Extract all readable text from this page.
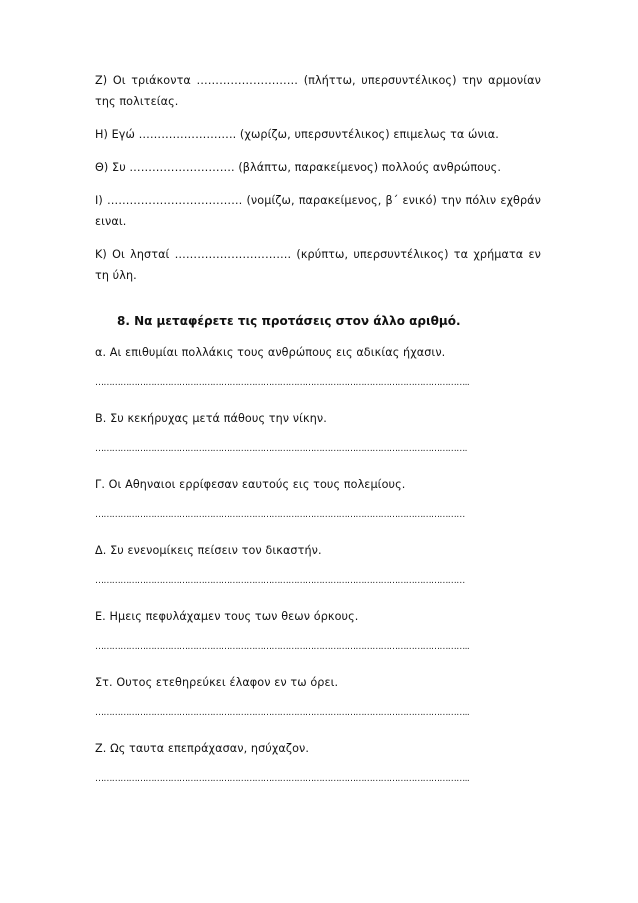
Ζ) Οι τριάκοντα ……………………… (πλήττω, υπερσυντέλικος) την αρμονίαν της πολιτείας.

Η) Εγώ …………………….. (χωρίζω, υπερσυντέλικος) επιμελως τα ώνια.

Θ) Συ ………………………. (βλάπτω, παρακείμενος) πολλούς ανθρώπους.

Ι) ……………………………… (νομίζω, παρακείμενος, β΄ ενικό) την πόλιν εχθράν ειναι.

Κ) Οι λησταί …………………………. (κρύπτω, υπερσυντέλικος) τα χρήματα εν τη ύλη.

8. Να μεταφέρετε τις προτάσεις στον άλλο αριθμό.
α. Αι επιθυμίαι πολλάκις τους ανθρώπους εις αδικίας ήχασιν.
……………………………………………………………………………………………………………………..
Β. Συ κεκήρυχας μετά πάθους την νίκην.
…………………………………………………………………………………………………………………….
Γ. Οι Αθηναιοι ερρίφεσαν εαυτούς εις τους πολεμίους.
……………………………………………………………………………………………………………………
Δ. Συ ενενομίκεις πείσειν τον δικαστήν.
……………………………………………………………………………………………………………………
Ε. Ημεις πεφυλάχαμεν τους των θεων όρκους.
……………………………………………………………………………………………………………………..
Στ. Ουτος ετεθηρεύκει έλαφον εν τω όρει.
……………………………………………………………………………………………………………………..
Ζ. Ως ταυτα επεπράχασαν, ησύχαζον.
……………………………………………………………………………………………………………………..
